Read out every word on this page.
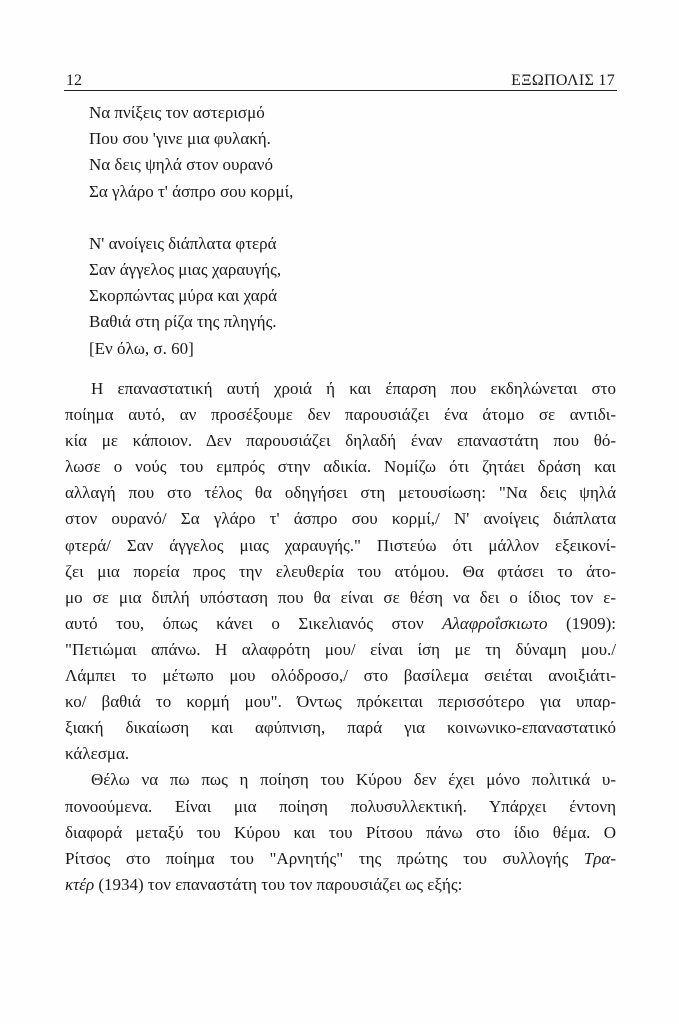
12	ΕΞΩΠΟΛΙΣ 17
Να πνίξεις τον αστερισμό
Που σου 'γινε μια φυλακή.
Να δεις ψηλά στον ουρανό
Σα γλάρο τ' άσπρο σου κορμί,
Ν' ανοίγεις διάπλατα φτερά
Σαν άγγελος μιας χαραυγής,
Σκορπώντας μύρα και χαρά
Βαθιά στη ρίζα της πληγής.
[Εν όλω, σ. 60]
Η επαναστατική αυτή χροιά ή και έπαρση που εκδηλώνεται στο
ποίημα αυτό, αν προσέξουμε δεν παρουσιάζει ένα άτομο σε αντιδι-
κία με κάποιον. Δεν παρουσιάζει δηλαδή έναν επαναστάτη που θό-
λωσε ο νούς του εμπρός στην αδικία. Νομίζω ότι ζητάει δράση και
αλλαγή που στο τέλος θα οδηγήσει στη μετουσίωση: "Να δεις ψηλά
στον ουρανό/ Σα γλάρο τ' άσπρο σου κορμί,/ Ν' ανοίγεις διάπλατα
φτερά/ Σαν άγγελος μιας χαραυγής." Πιστεύω ότι μάλλον εξεικονί-
ζει μια πορεία προς την ελευθερία του ατόμου. Θα φτάσει το άτο-
μο σε μια διπλή υπόσταση που θα είναι σε θέση να δει ο ίδιος τον ε-
αυτό του, όπως κάνει ο Σικελιανός στον Αλαφροΐσκιωτο (1909):
"Πετιώμαι απάνω. Η αλαφρότη μου/ είναι ίση με τη δύναμη μου./
Λάμπει το μέτωπο μου ολόδροσο,/ στο βασίλεμα σειέται ανοιξιάτι-
κο/ βαθιά το κορμή μου". Όντως πρόκειται περισσότερο για υπαρ-
ξιακή δικαίωση και αφύπνιση, παρά για κοινωνικο-επαναστατικό
κάλεσμα.
Θέλω να πω πως η ποίηση του Κύρου δεν έχει μόνο πολιτικά υ-
πονοούμενα. Είναι μια ποίηση πολυσυλλεκτική. Υπάρχει έντονη
διαφορά μεταξύ του Κύρου και του Ρίτσου πάνω στο ίδιο θέμα. Ο
Ρίτσος στο ποίημα του "Αρνητής" της πρώτης του συλλογής Τρα-
κτέρ (1934) τον επαναστάτη του τον παρουσιάζει ως εξής:
